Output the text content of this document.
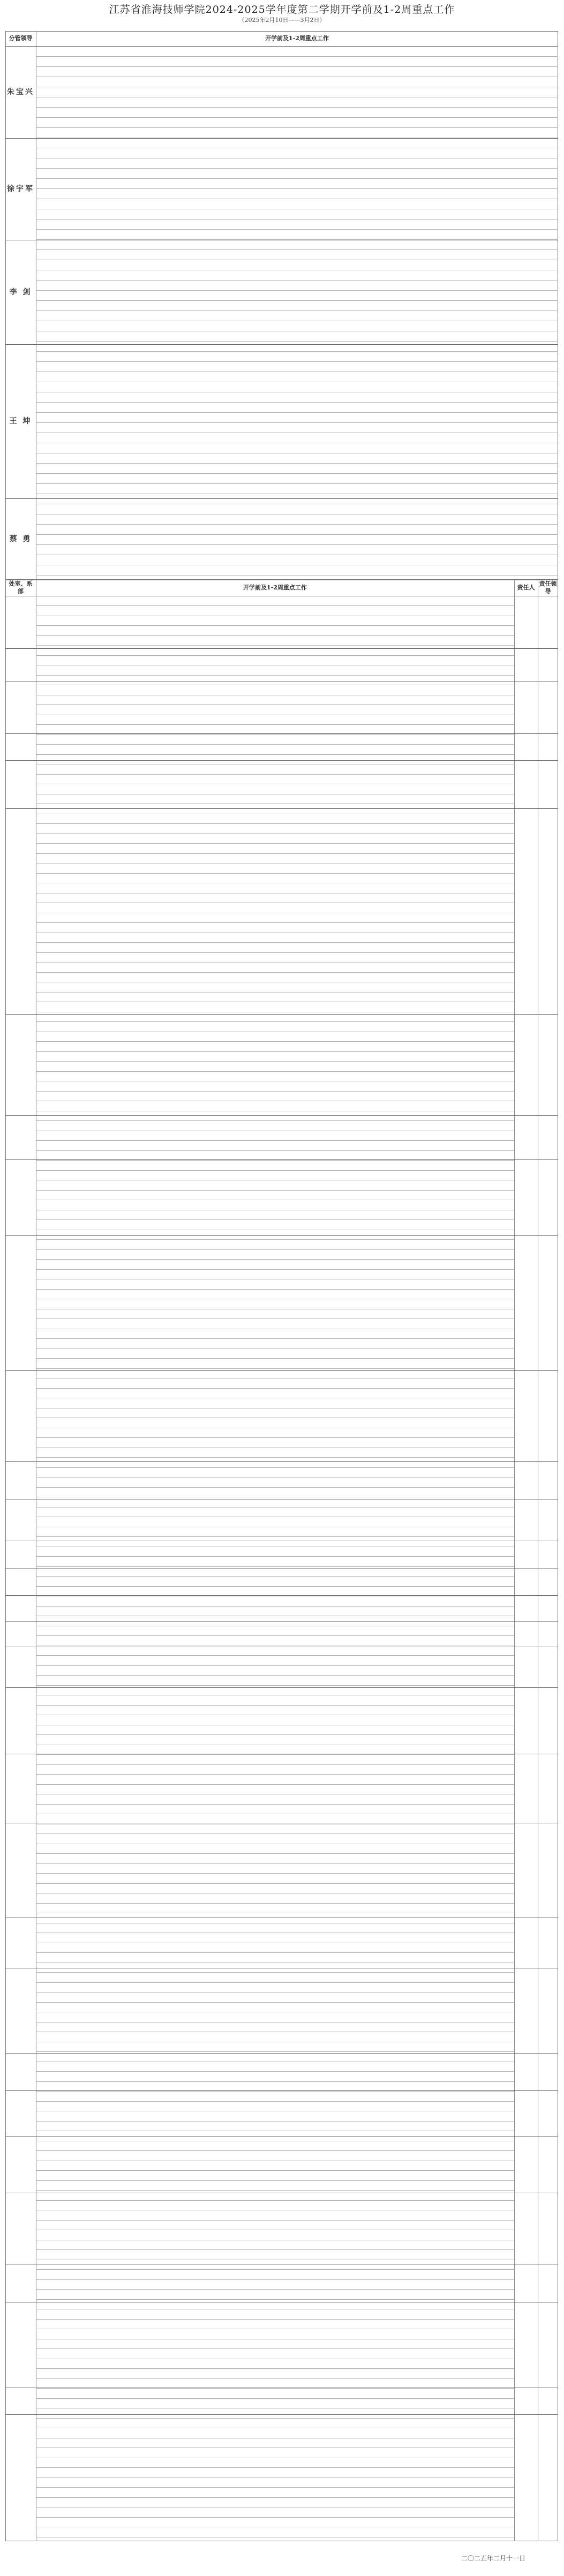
江苏省淮海技师学院2024-2025学年度第二学期开学前及1-2周重点工作
（2025年2月10日——3月2日）
分管领导	开学前及1-2周重点工作
朱宝兴
徐宇军
李 剑
王 坤
蔡 勇
处室、系部
开学前及1-2周重点工作	责任人
责任领导
二〇二五年二月十一日
